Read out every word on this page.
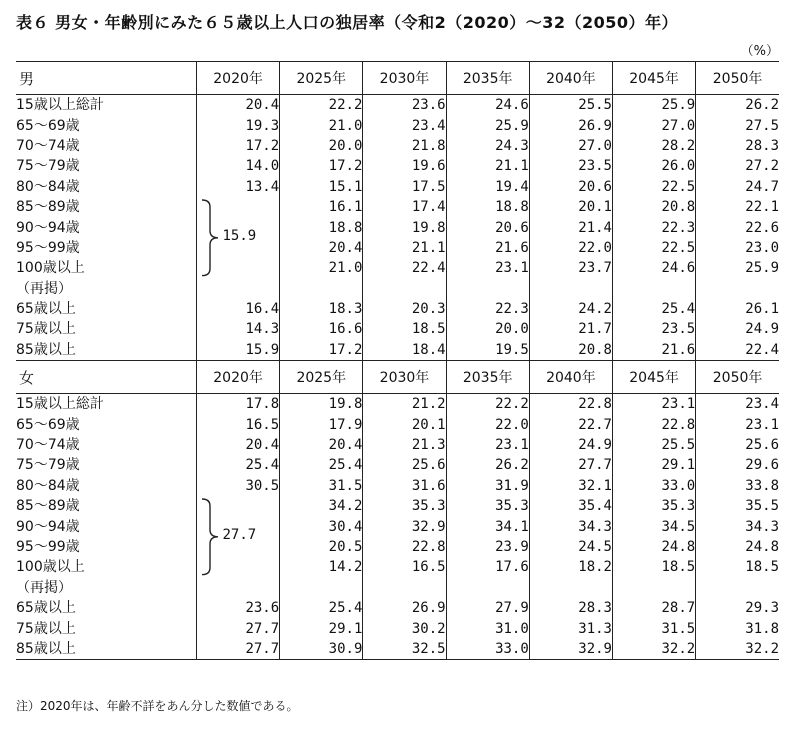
表６ 男女・年齢別にみた６５歳以上人口の独居率（令和2（2020）～32（2050）年）
（%）
男	2020年	2025年	2030年	2035年	2040年	2045年	2050年
15歳以上総計	20.4	22.2	23.6	24.6	25.5	25.9	26.2
65～69歳	19.3	21.0	23.4	25.9	26.9	27.0	27.5
70～74歳	17.2	20.0	21.8	24.3	27.0	28.2	28.3
75～79歳	14.0	17.2	19.6	21.1	23.5	26.0	27.2
80～84歳	13.4	15.1	17.5	19.4	20.6	22.5	24.7
85～89歳		16.1	17.4	18.8	20.1	20.8	22.1
90～94歳		18.8	19.8	20.6	21.4	22.3	22.6
95～99歳		20.4	21.1	21.6	22.0	22.5	23.0
100歳以上		21.0	22.4	23.1	23.7	24.6	25.9
（再掲）							
65歳以上	16.4	18.3	20.3	22.3	24.2	25.4	26.1
75歳以上	14.3	16.6	18.5	20.0	21.7	23.5	24.9
85歳以上	15.9	17.2	18.4	19.5	20.8	21.6	22.4
女	2020年	2025年	2030年	2035年	2040年	2045年	2050年
15歳以上総計	17.8	19.8	21.2	22.2	22.8	23.1	23.4
65～69歳	16.5	17.9	20.1	22.0	22.7	22.8	23.1
70～74歳	20.4	20.4	21.3	23.1	24.9	25.5	25.6
75～79歳	25.4	25.4	25.6	26.2	27.7	29.1	29.6
80～84歳	30.5	31.5	31.6	31.9	32.1	33.0	33.8
85～89歳		34.2	35.3	35.3	35.4	35.3	35.5
90～94歳		30.4	32.9	34.1	34.3	34.5	34.3
95～99歳		20.5	22.8	23.9	24.5	24.8	24.8
100歳以上		14.2	16.5	17.6	18.2	18.5	18.5
（再掲）							
65歳以上	23.6	25.4	26.9	27.9	28.3	28.7	29.3
75歳以上	27.7	29.1	30.2	31.0	31.3	31.5	31.8
85歳以上	27.7	30.9	32.5	33.0	32.9	32.2	32.2
注）2020年は、年齢不詳をあん分した数値である。
15.9
27.7
